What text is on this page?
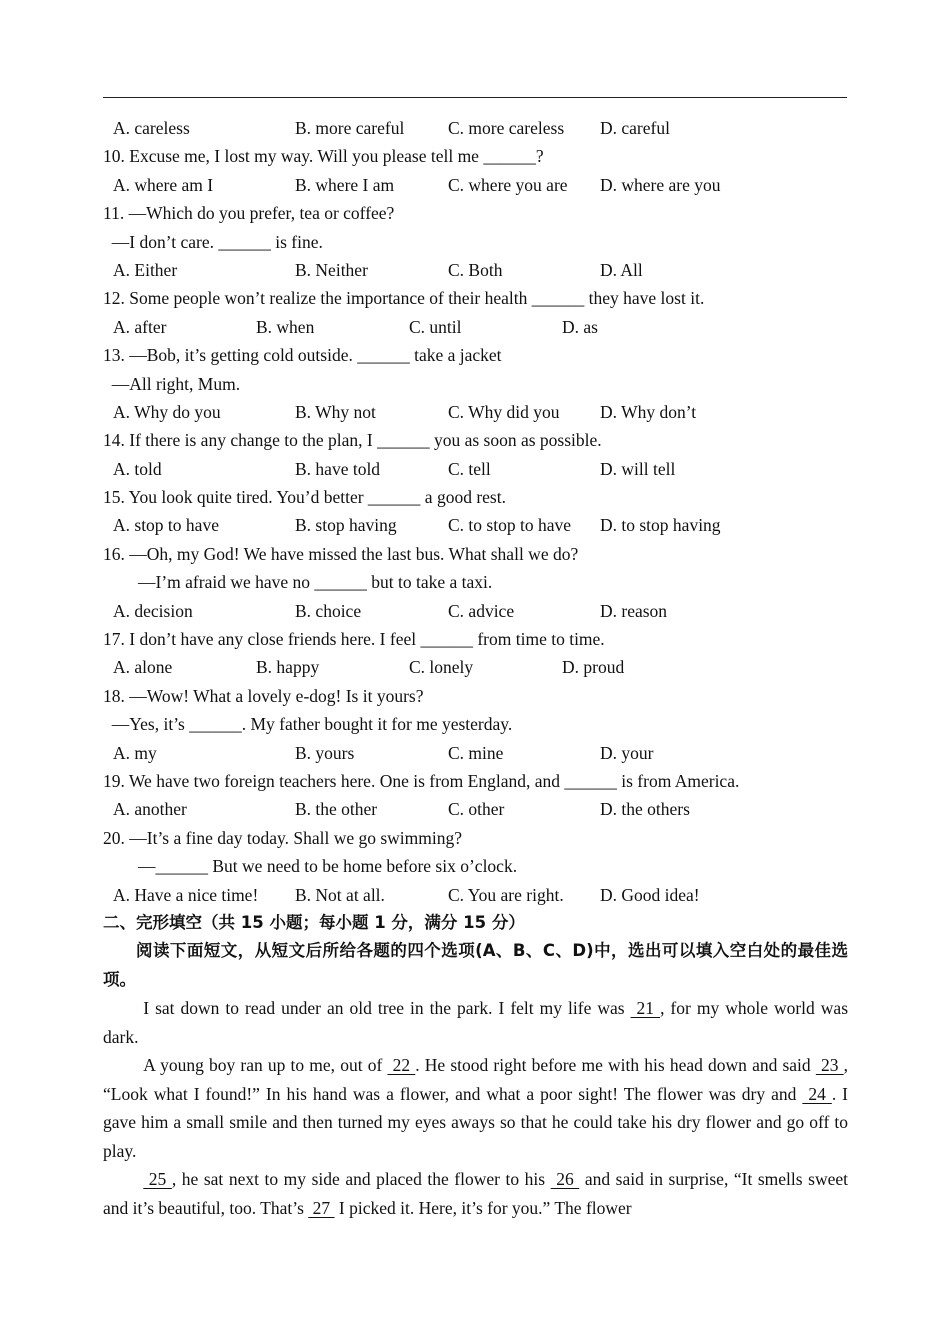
A. careless	B. more careful C. more careless D. careful
10. Excuse me, I lost my way. Will you please tell me ______?
A. where am I	B. where I am	C. where you are D. where are you
11. —Which do you prefer, tea or coffee?
—I don’t care. ______ is fine.
A. Either	B. Neither	C. Both	D. All
12. Some people won’t realize the importance of their health ______ they have lost it.
A. after	B. when	C. until	D. as
13. —Bob, it’s getting cold outside. ______ take a jacket
—All right, Mum.
A. Why do you	B. Why not	C. Why did you D. Why don’t
14. If there is any change to the plan, I ______ you as soon as possible.
A. told	B. have told	C. tell	D. will tell
15. You look quite tired. You’d better ______ a good rest.
A. stop to have	B. stop having	C. to stop to have D. to stop having
16. —Oh, my God! We have missed the last bus. What shall we do?
—I’m afraid we have no ______ but to take a taxi.
A. decision	B. choice	C. advice	D. reason
17. I don’t have any close friends here. I feel ______ from time to time.
A. alone	B. happy	C. lonely	D. proud
18. —Wow! What a lovely e-dog! Is it yours?
—Yes, it’s ______. My father bought it for me yesterday.
A. my	B. yours	C. mine	D. your
19. We have two foreign teachers here. One is from England, and ______ is from America.
A. another	B. the other	C. other	D. the others
20. —It’s a fine day today. Shall we go swimming?
—______ But we need to be home before six o’clock.
A. Have a nice time! B. Not at all.	C. You are right. D. Good idea!
二、完形填空（共 15 小题；每小题 1 分，满分 15 分）
阅读下面短文，从短文后所给各题的四个选项(A、B、C、D)中，选出可以填入空白处的最佳选项。
I sat down to read under an old tree in the park. I felt my life was  21 , for my whole world was dark.
A young boy ran up to me, out of  22 . He stood right before me with his head down and said  23 , “Look what I found!” In his hand was a flower, and what a poor sight! The flower was dry and  24 . I gave him a small smile and then turned my eyes aways so that he could take his dry flower and go off to play.
25 , he sat next to my side and placed the flower to his  26  and said in surprise, “It smells sweet and it’s beautiful, too. That’s  27  I picked it. Here, it’s for you.” The flower
